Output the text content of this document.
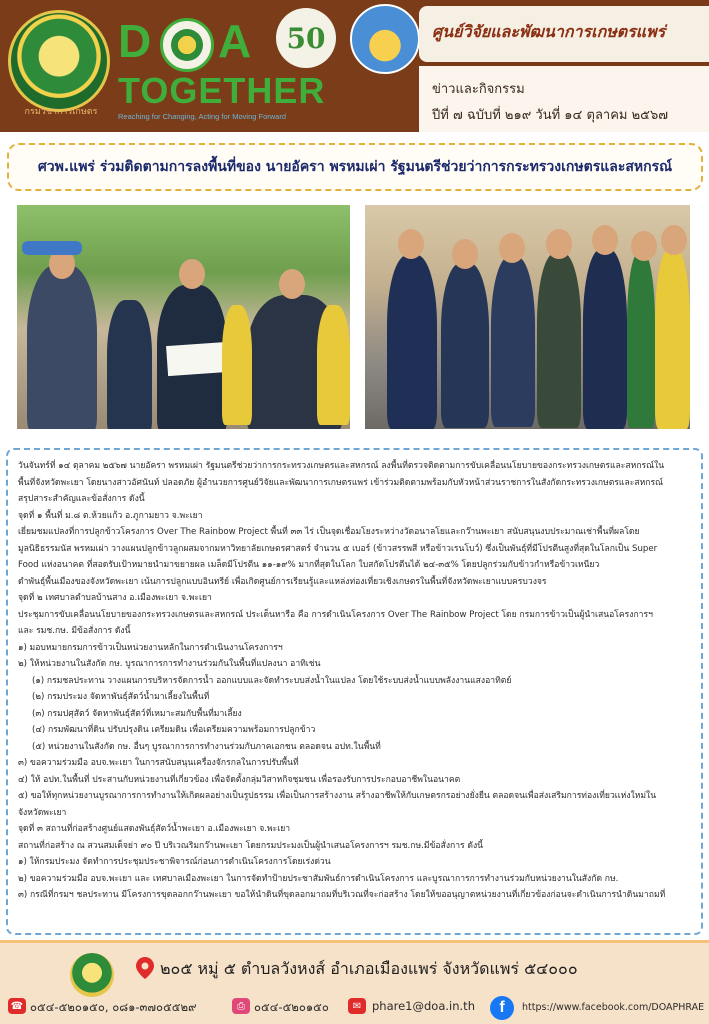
กรมวิชาการเกษตร
D A
TOGETHER
Reaching for Changing, Acting for Moving Forward
50	ศูนย์วิจัยและพัฒนาการเกษตรแพร่
ข่าวและกิจกรรม
ปีที่ ๗ ฉบับที่ ๒๑๙ วันที่ ๑๔ ตุลาคม ๒๕๖๗
ศวพ.แพร่ ร่วมติดตามการลงพื้นที่ของ นายอัครา พรหมเผ่า รัฐมนตรีช่วยว่าการกระทรวงเกษตรและสหกรณ์
วันจันทร์ที่ ๑๔ ตุลาคม ๒๕๖๗ นายอัครา พรหมเผ่า รัฐมนตรีช่วยว่าการกระทรวงเกษตรและสหกรณ์ ลงพื้นที่ตรวจติดตามการขับเคลื่อนนโยบายของกระทรวงเกษตรและสหกรณ์ใน
พื้นที่จังหวัดพะเยา โดยนางสาวอัศนันท์ ปลอดภัย ผู้อำนวยการศูนย์วิจัยและพัฒนาการเกษตรแพร่ เข้าร่วมติดตามพร้อมกับหัวหน้าส่วนราชการในสังกัดกระทรวงเกษตรและสหกรณ์
สรุปสาระสำคัญและข้อสั่งการ ดังนี้
จุดที่ ๑ พื้นที่ ม.๘ ต.ห้วยแก้ว อ.ภูกามยาว จ.พะเยา
เยี่ยมชมแปลงที่การปลูกข้าวโครงการ Over The Rainbow Project พื้นที่ ๓๓ ไร่ เป็นจุดเชื่อมโยงระหว่างวัดอนาลโยและกว๊านพะเยา สนับสนุนงบประมาณเช่าพื้นที่ผลโดย
มูลนิธิธรรมนัส พรหมเผ่า วางแผนปลูกข้าวลูกผสมจากมหาวิทยาลัยเกษตรศาสตร์ จำนวน ๕ เบอร์ (ข้าวสรรพสี หรือข้าวเรนโบว์) ซึ่งเป็นพันธุ์ที่มีโปรตีนสูงที่สุดในโลกเป็น Super
Food แห่งอนาคต ที่สอดรับเป้าหมายนำมาขยายผล เมล็ดมีโปรตีน ๑๑-๑๙% มากที่สุดในโลก ใบสกัดโปรตีนได้ ๒๔-๓๕% โดยปลูกร่วมกับข้าวกำหรือข้าวเหนียว
ดำพันธุ์พื้นเมืองของจังหวัดพะเยา เน้นการปลูกแบบอินทรีย์ เพื่อเกิดศูนย์การเรียนรู้และแหล่งท่องเที่ยวเชิงเกษตรในพื้นที่จังหวัดพะเยาแบบครบวงจร
จุดที่ ๒ เทศบาลตำบลบ้านสาง อ.เมืองพะเยา จ.พะเยา
ประชุมการขับเคลื่อนนโยบายของกระทรวงเกษตรและสหกรณ์ ประเด็นหารือ คือ การดำเนินโครงการ Over The Rainbow Project โดย กรมการข้าวเป็นผู้นำเสนอโครงการฯ
และ รมช.กษ. มีข้อสั่งการ ดังนี้
๑) มอบหมายกรมการข้าวเป็นหน่วยงานหลักในการดำเนินงานโครงการฯ
๒) ให้หน่วยงานในสังกัด กษ. บูรณาการการทำงานร่วมกันในพื้นที่แปลงนา อาทิเช่น
(๑) กรมชลประทาน วางแผนการบริหารจัดการน้ำ ออกแบบและจัดทำระบบส่งน้ำในแปลง โดยใช้ระบบส่งน้ำแบบพลังงานแสงอาทิตย์
(๒) กรมประมง จัดหาพันธุ์สัตว์น้ำมาเลี้ยงในพื้นที่
(๓) กรมปศุสัตว์ จัดหาพันธุ์สัตว์ที่เหมาะสมกับพื้นที่มาเลี้ยง
(๔) กรมพัฒนาที่ดิน ปรับปรุงดิน เตรียมดิน เพื่อเตรียมความพร้อมการปลูกข้าว
(๕) หน่วยงานในสังกัด กษ. อื่นๆ บูรณาการการทำงานร่วมกับภาคเอกชน ตลอดจน อปท.ในพื้นที่
๓) ขอความร่วมมือ อบจ.พะเยา ในการสนับสนุนเครื่องจักรกลในการปรับพื้นที่
๔) ให้ อปท.ในพื้นที่ ประสานกับหน่วยงานที่เกี่ยวข้อง เพื่อจัดตั้งกลุ่มวิสาหกิจชุมชน เพื่อรองรับการประกอบอาชีพในอนาคต
๕) ขอให้ทุกหน่วยงานบูรณาการการทำงานให้เกิดผลอย่างเป็นรูปธรรม เพื่อเป็นการสร้างงาน สร้างอาชีพให้กับเกษตรกรอย่างยั่งยืน ตลอดจนเพื่อส่งเสริมการท่องเที่ยวเเห่งใหม่ใน
จังหวัดพะเยา
จุดที่ ๓ สถานที่ก่อสร้างศูนย์แสดงพันธุ์สัตว์น้ำพะเยา อ.เมืองพะเยา จ.พะเยา
สถานที่ก่อสร้าง ณ สวนสมเด็จย่า ๙๐ ปี บริเวณริมกว๊านพะเยา โดยกรมประมงเป็นผู้นำเสนอโครงการฯ รมช.กษ.มีข้อสั่งการ ดังนี้
๑) ให้กรมประมง จัดทำการประชุมประชาพิจารณ์ก่อนการดำเนินโครงการโดยเร่งด่วน
๒) ขอความร่วมมือ อบจ.พะเยา และ เทศบาลเมืองพะเยา ในการจัดทำป้ายประชาสัมพันธ์การดำเนินโครงการ และบูรณาการการทำงานร่วมกับหน่วยงานในสังกัด กษ.
๓) กรณีที่กรมฯ ชลประทาน มีโครงการขุดลอกกว๊านพะเยา ขอให้นำดินที่ขุดลอกมาถมที่บริเวณที่จะก่อสร้าง โดยให้ขออนุญาตหน่วยงานที่เกี่ยวข้องก่อนจะดำเนินการนำดินมาถมที่
๒๐๕ หมู่ ๕ ตำบลวังหงส์ อำเภอเมืองแพร่ จังหวัดแพร่ ๕๔๐๐๐
☎ ๐๕๔-๕๒๐๑๕๐, ๐๘๑-๓๗๐๕๕๒๙	⎙ ๐๕๔-๕๒๐๑๕๐	✉ phare1@doa.in.th	f	https://www.facebook.com/DOAPHRAE
